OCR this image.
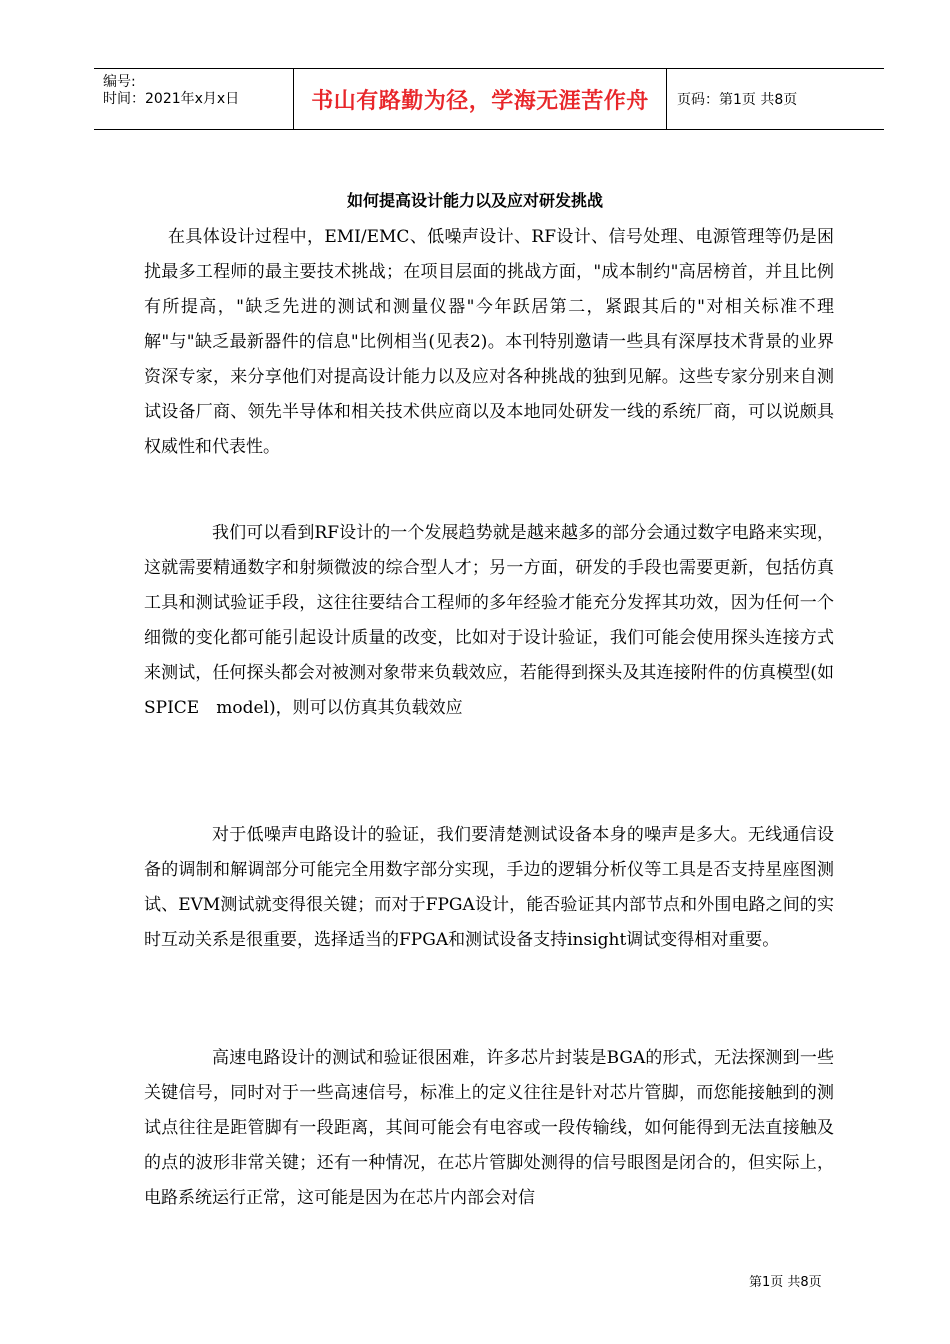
编号:
时间：2021年x月x日	书山有路勤为径，学海无涯苦作舟	页码：第1页 共8页
如何提高设计能力以及应对研发挑战

在具体设计过程中，EMI/EMC、低噪声设计、RF设计、信号处理、电源管理等仍是困扰最多工程师的最主要技术挑战；在项目层面的挑战方面，"成本制约"高居榜首，并且比例有所提高，"缺乏先进的测试和测量仪器"今年跃居第二，紧跟其后的"对相关标准不理解"与"缺乏最新器件的信息"比例相当(见表2)。本刊特别邀请一些具有深厚技术背景的业界资深专家，来分享他们对提高设计能力以及应对各种挑战的独到见解。这些专家分别来自测试设备厂商、领先半导体和相关技术供应商以及本地同处研发一线的系统厂商，可以说颇具权威性和代表性。

我们可以看到RF设计的一个发展趋势就是越来越多的部分会通过数字电路来实现，这就需要精通数字和射频微波的综合型人才；另一方面，研发的手段也需要更新，包括仿真工具和测试验证手段，这往往要结合工程师的多年经验才能充分发挥其功效，因为任何一个细微的变化都可能引起设计质量的改变，比如对于设计验证，我们可能会使用探头连接方式来测试，任何探头都会对被测对象带来负载效应，若能得到探头及其连接附件的仿真模型(如SPICE　model)，则可以仿真其负载效应

对于低噪声电路设计的验证，我们要清楚测试设备本身的噪声是多大。无线通信设备的调制和解调部分可能完全用数字部分实现，手边的逻辑分析仪等工具是否支持星座图测试、EVM测试就变得很关键；而对于FPGA设计，能否验证其内部节点和外围电路之间的实时互动关系是很重要，选择适当的FPGA和测试设备支持insight调试变得相对重要。

高速电路设计的测试和验证很困难，许多芯片封装是BGA的形式，无法探测到一些关键信号，同时对于一些高速信号，标准上的定义往往是针对芯片管脚，而您能接触到的测试点往往是距管脚有一段距离，其间可能会有电容或一段传输线，如何能得到无法直接触及的点的波形非常关键；还有一种情况，在芯片管脚处测得的信号眼图是闭合的，但实际上，电路系统运行正常，这可能是因为在芯片内部会对信

第1页 共8页
